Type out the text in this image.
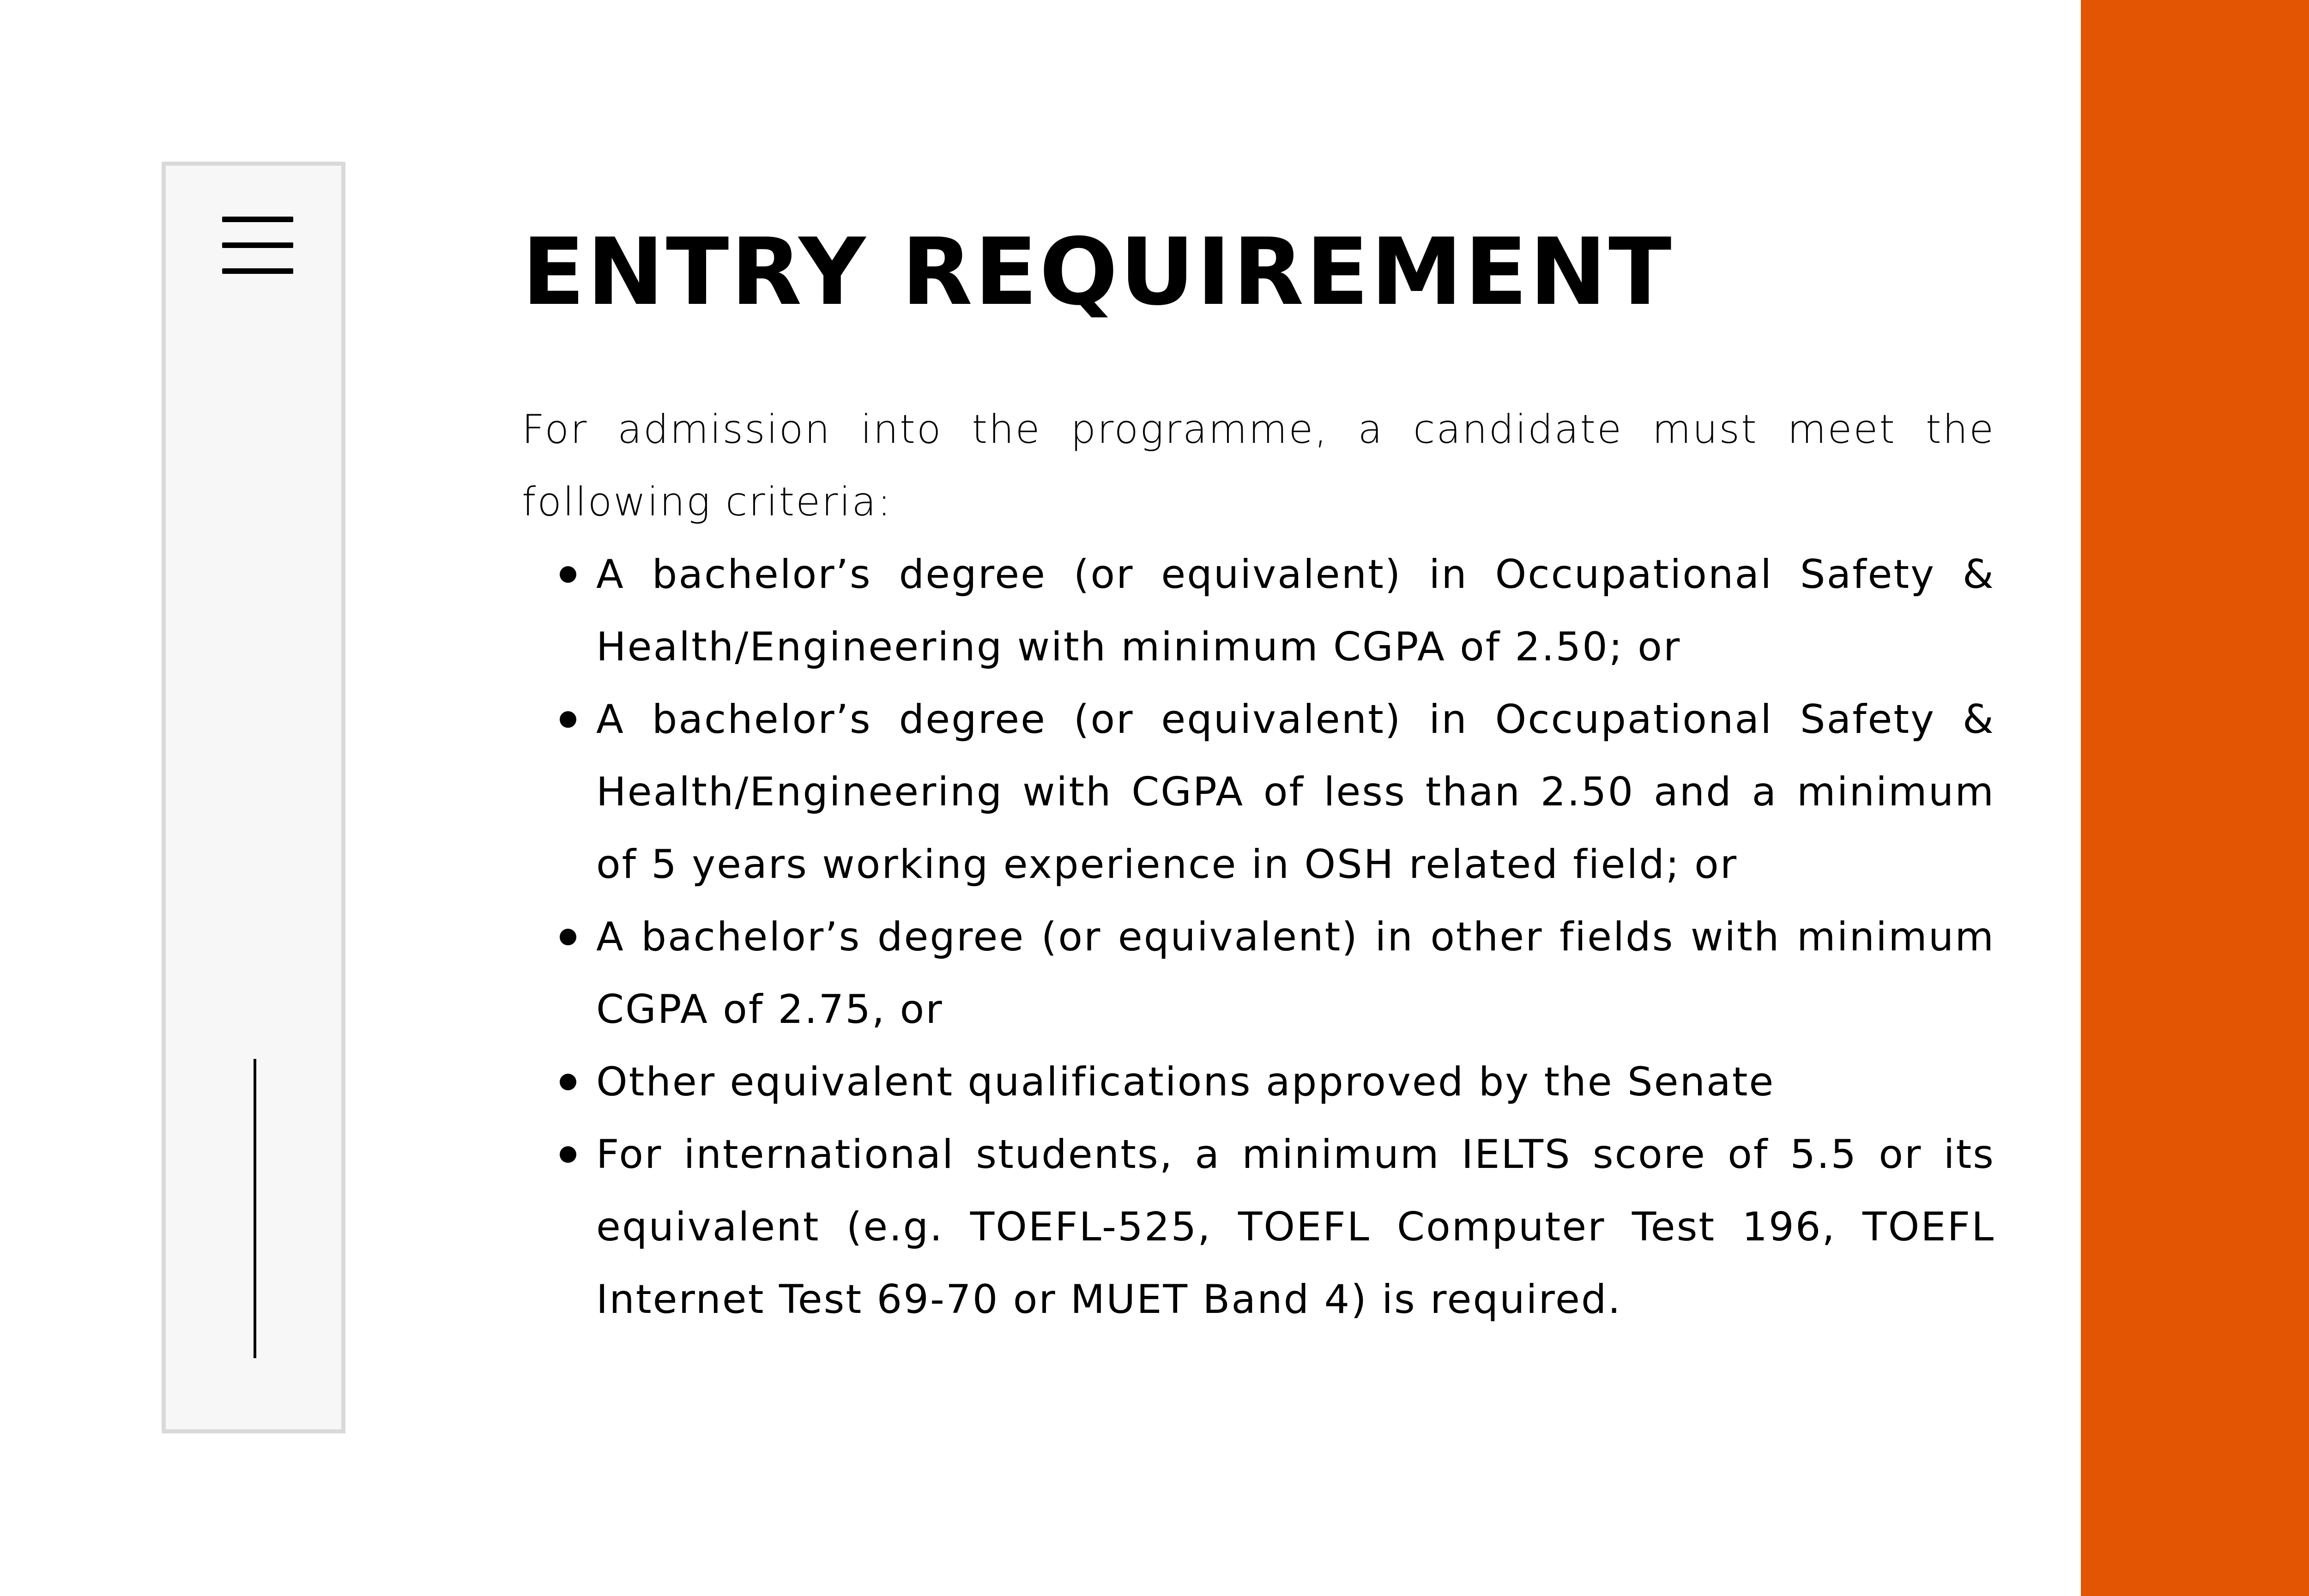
ENTRY REQUIREMENT

For admission into the programme, a candidate must meet the following criteria:

A bachelor’s degree (or equivalent) in Occupational Safety & Health/Engineering with minimum CGPA of 2.50; or
A bachelor’s degree (or equivalent) in Occupational Safety & Health/Engineering with CGPA of less than 2.50 and a minimum of 5 years working experience in OSH related field; or
A bachelor’s degree (or equivalent) in other fields with minimum CGPA of 2.75, or
Other equivalent qualifications approved by the Senate
For international students, a minimum IELTS score of 5.5 or its equivalent (e.g. TOEFL-525, TOEFL Computer Test 196, TOEFL Internet Test 69-70 or MUET Band 4) is required.
